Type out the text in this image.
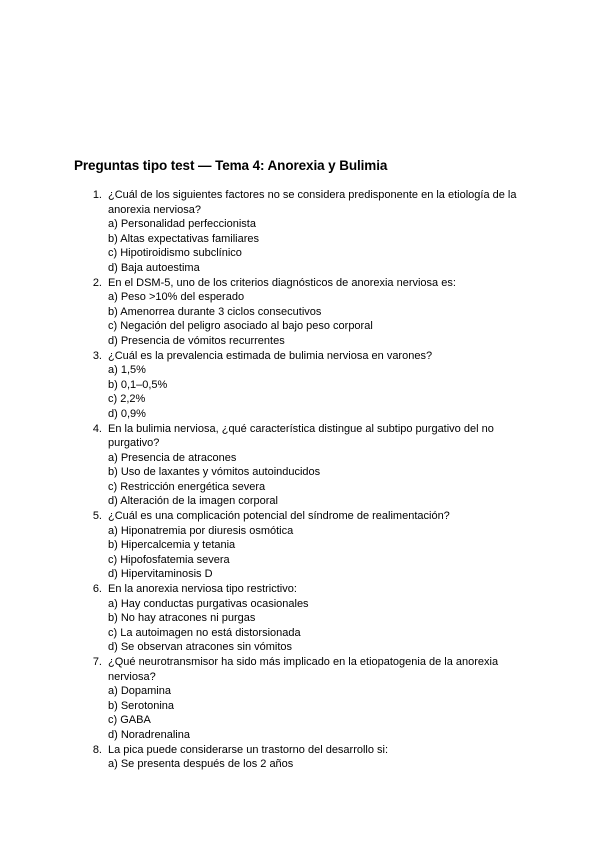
Preguntas tipo test — Tema 4: Anorexia y Bulimia
1. ¿Cuál de los siguientes factores no se considera predisponente en la etiología de la anorexia nerviosa?
a) Personalidad perfeccionista
b) Altas expectativas familiares
c) Hipotiroidismo subclínico
d) Baja autoestima
2. En el DSM-5, uno de los criterios diagnósticos de anorexia nerviosa es:
a) Peso >10% del esperado
b) Amenorrea durante 3 ciclos consecutivos
c) Negación del peligro asociado al bajo peso corporal
d) Presencia de vómitos recurrentes
3. ¿Cuál es la prevalencia estimada de bulimia nerviosa en varones?
a) 1,5%
b) 0,1–0,5%
c) 2,2%
d) 0,9%
4. En la bulimia nerviosa, ¿qué característica distingue al subtipo purgativo del no purgativo?
a) Presencia de atracones
b) Uso de laxantes y vómitos autoinducidos
c) Restricción energética severa
d) Alteración de la imagen corporal
5. ¿Cuál es una complicación potencial del síndrome de realimentación?
a) Hiponatremia por diuresis osmótica
b) Hipercalcemia y tetania
c) Hipofosfatemia severa
d) Hipervitaminosis D
6. En la anorexia nerviosa tipo restrictivo:
a) Hay conductas purgativas ocasionales
b) No hay atracones ni purgas
c) La autoimagen no está distorsionada
d) Se observan atracones sin vómitos
7. ¿Qué neurotransmisor ha sido más implicado en la etiopatogenia de la anorexia nerviosa?
a) Dopamina
b) Serotonina
c) GABA
d) Noradrenalina
8. La pica puede considerarse un trastorno del desarrollo si:
a) Se presenta después de los 2 años
